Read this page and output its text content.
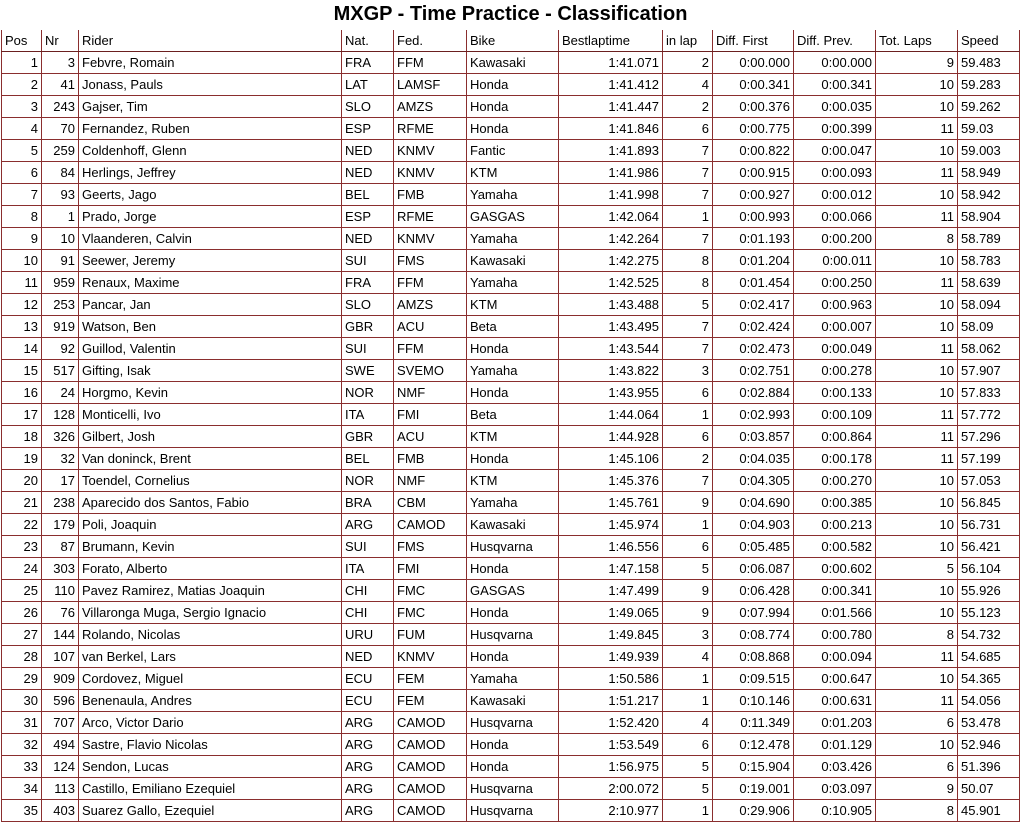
MXGP - Time Practice - Classification
Pos	Nr	Rider	Nat.	Fed.	Bike	Bestlaptime	in lap	Diff. First	Diff. Prev.	Tot. Laps	Speed
1	3	Febvre, Romain	FRA	FFM	Kawasaki	1:41.071	2	0:00.000	0:00.000	9	59.483
2	41	Jonass, Pauls	LAT	LAMSF	Honda	1:41.412	4	0:00.341	0:00.341	10	59.283
3	243	Gajser, Tim	SLO	AMZS	Honda	1:41.447	2	0:00.376	0:00.035	10	59.262
4	70	Fernandez, Ruben	ESP	RFME	Honda	1:41.846	6	0:00.775	0:00.399	11	59.03
5	259	Coldenhoff, Glenn	NED	KNMV	Fantic	1:41.893	7	0:00.822	0:00.047	10	59.003
6	84	Herlings, Jeffrey	NED	KNMV	KTM	1:41.986	7	0:00.915	0:00.093	11	58.949
7	93	Geerts, Jago	BEL	FMB	Yamaha	1:41.998	7	0:00.927	0:00.012	10	58.942
8	1	Prado, Jorge	ESP	RFME	GASGAS	1:42.064	1	0:00.993	0:00.066	11	58.904
9	10	Vlaanderen, Calvin	NED	KNMV	Yamaha	1:42.264	7	0:01.193	0:00.200	8	58.789
10	91	Seewer, Jeremy	SUI	FMS	Kawasaki	1:42.275	8	0:01.204	0:00.011	10	58.783
11	959	Renaux, Maxime	FRA	FFM	Yamaha	1:42.525	8	0:01.454	0:00.250	11	58.639
12	253	Pancar, Jan	SLO	AMZS	KTM	1:43.488	5	0:02.417	0:00.963	10	58.094
13	919	Watson, Ben	GBR	ACU	Beta	1:43.495	7	0:02.424	0:00.007	10	58.09
14	92	Guillod, Valentin	SUI	FFM	Honda	1:43.544	7	0:02.473	0:00.049	11	58.062
15	517	Gifting, Isak	SWE	SVEMO	Yamaha	1:43.822	3	0:02.751	0:00.278	10	57.907
16	24	Horgmo, Kevin	NOR	NMF	Honda	1:43.955	6	0:02.884	0:00.133	10	57.833
17	128	Monticelli, Ivo	ITA	FMI	Beta	1:44.064	1	0:02.993	0:00.109	11	57.772
18	326	Gilbert, Josh	GBR	ACU	KTM	1:44.928	6	0:03.857	0:00.864	11	57.296
19	32	Van doninck, Brent	BEL	FMB	Honda	1:45.106	2	0:04.035	0:00.178	11	57.199
20	17	Toendel, Cornelius	NOR	NMF	KTM	1:45.376	7	0:04.305	0:00.270	10	57.053
21	238	Aparecido dos Santos, Fabio	BRA	CBM	Yamaha	1:45.761	9	0:04.690	0:00.385	10	56.845
22	179	Poli, Joaquin	ARG	CAMOD	Kawasaki	1:45.974	1	0:04.903	0:00.213	10	56.731
23	87	Brumann, Kevin	SUI	FMS	Husqvarna	1:46.556	6	0:05.485	0:00.582	10	56.421
24	303	Forato, Alberto	ITA	FMI	Honda	1:47.158	5	0:06.087	0:00.602	5	56.104
25	110	Pavez Ramirez, Matias Joaquin	CHI	FMC	GASGAS	1:47.499	9	0:06.428	0:00.341	10	55.926
26	76	Villaronga Muga, Sergio Ignacio	CHI	FMC	Honda	1:49.065	9	0:07.994	0:01.566	10	55.123
27	144	Rolando, Nicolas	URU	FUM	Husqvarna	1:49.845	3	0:08.774	0:00.780	8	54.732
28	107	van Berkel, Lars	NED	KNMV	Honda	1:49.939	4	0:08.868	0:00.094	11	54.685
29	909	Cordovez, Miguel	ECU	FEM	Yamaha	1:50.586	1	0:09.515	0:00.647	10	54.365
30	596	Benenaula, Andres	ECU	FEM	Kawasaki	1:51.217	1	0:10.146	0:00.631	11	54.056
31	707	Arco, Victor Dario	ARG	CAMOD	Husqvarna	1:52.420	4	0:11.349	0:01.203	6	53.478
32	494	Sastre, Flavio Nicolas	ARG	CAMOD	Honda	1:53.549	6	0:12.478	0:01.129	10	52.946
33	124	Sendon, Lucas	ARG	CAMOD	Honda	1:56.975	5	0:15.904	0:03.426	6	51.396
34	113	Castillo, Emiliano Ezequiel	ARG	CAMOD	Husqvarna	2:00.072	5	0:19.001	0:03.097	9	50.07
35	403	Suarez Gallo, Ezequiel	ARG	CAMOD	Husqvarna	2:10.977	1	0:29.906	0:10.905	8	45.901
